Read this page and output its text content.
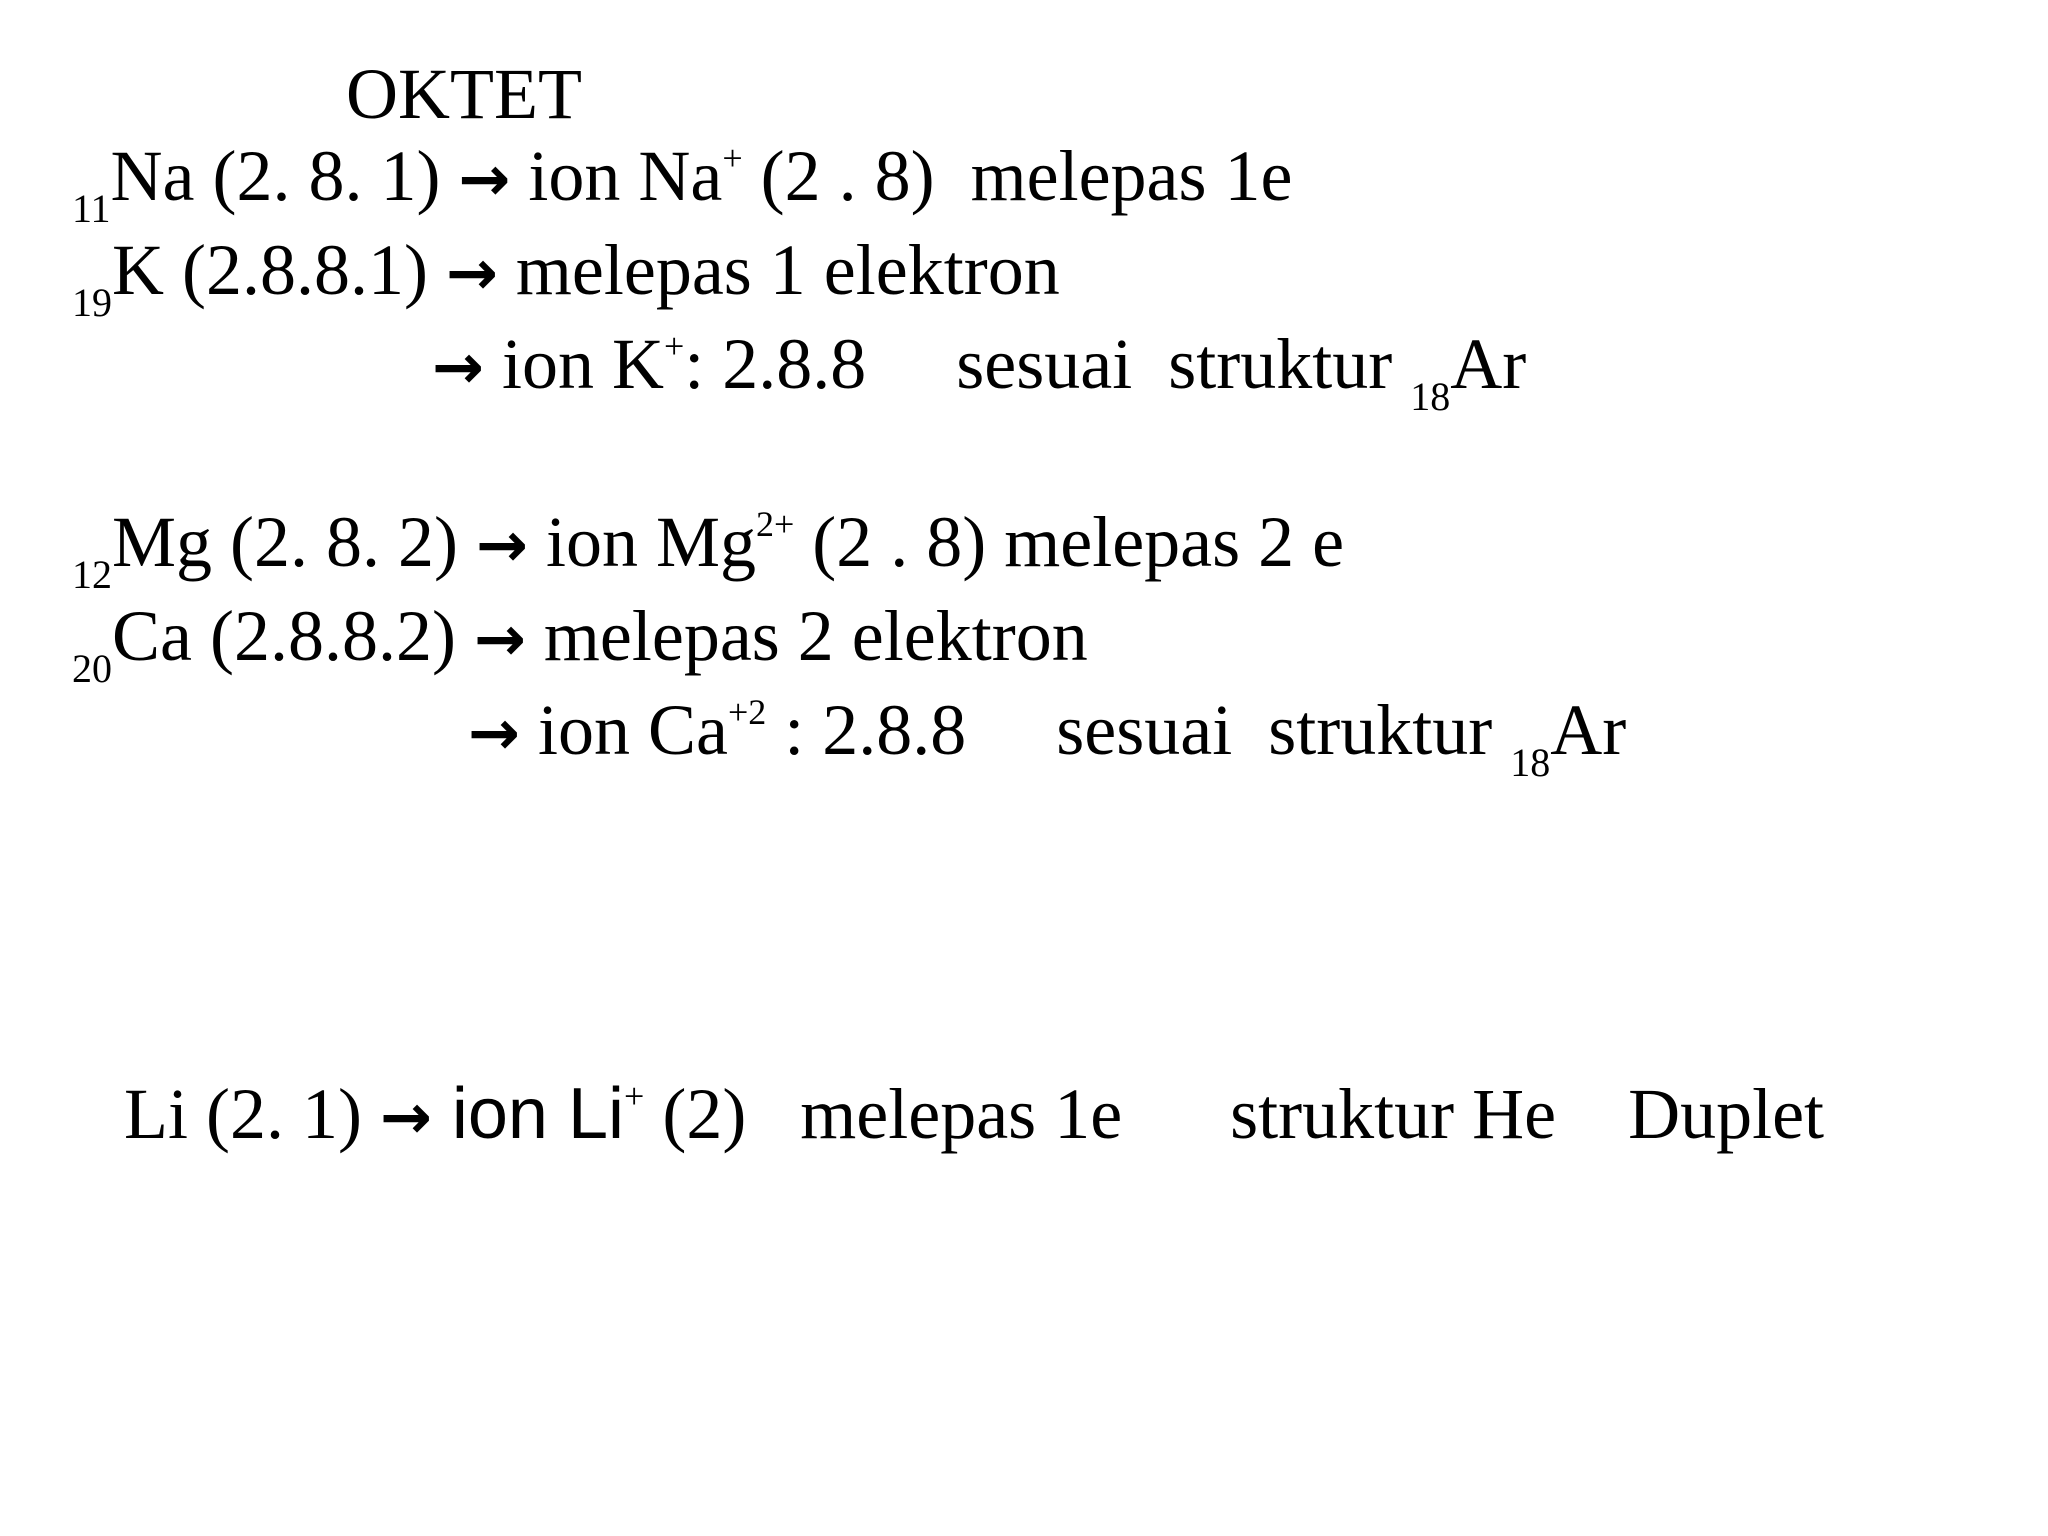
OKTET
$_{11}$Na (2. 8. 1) → ion Na+ (2 . 8)  melepas 1e
$_{19}$K (2.8.8.1) → melepas 1 elektron
→ ion K+: 2.8.8     sesuai  struktur $_{18}$Ar
$_{12}$Mg (2. 8. 2) → ion $Mg^{2+}$ (2 . 8) melepas 2 e
$_{20}$Ca (2.8.8.2) → melepas 2 elektron
→ ion $Ca^{+2}$ : 2.8.8     sesuai  struktur $_{18}$Ar
Li (2. 1) → ion Li+ (2)   melepas 1e      struktur He    Duplet
